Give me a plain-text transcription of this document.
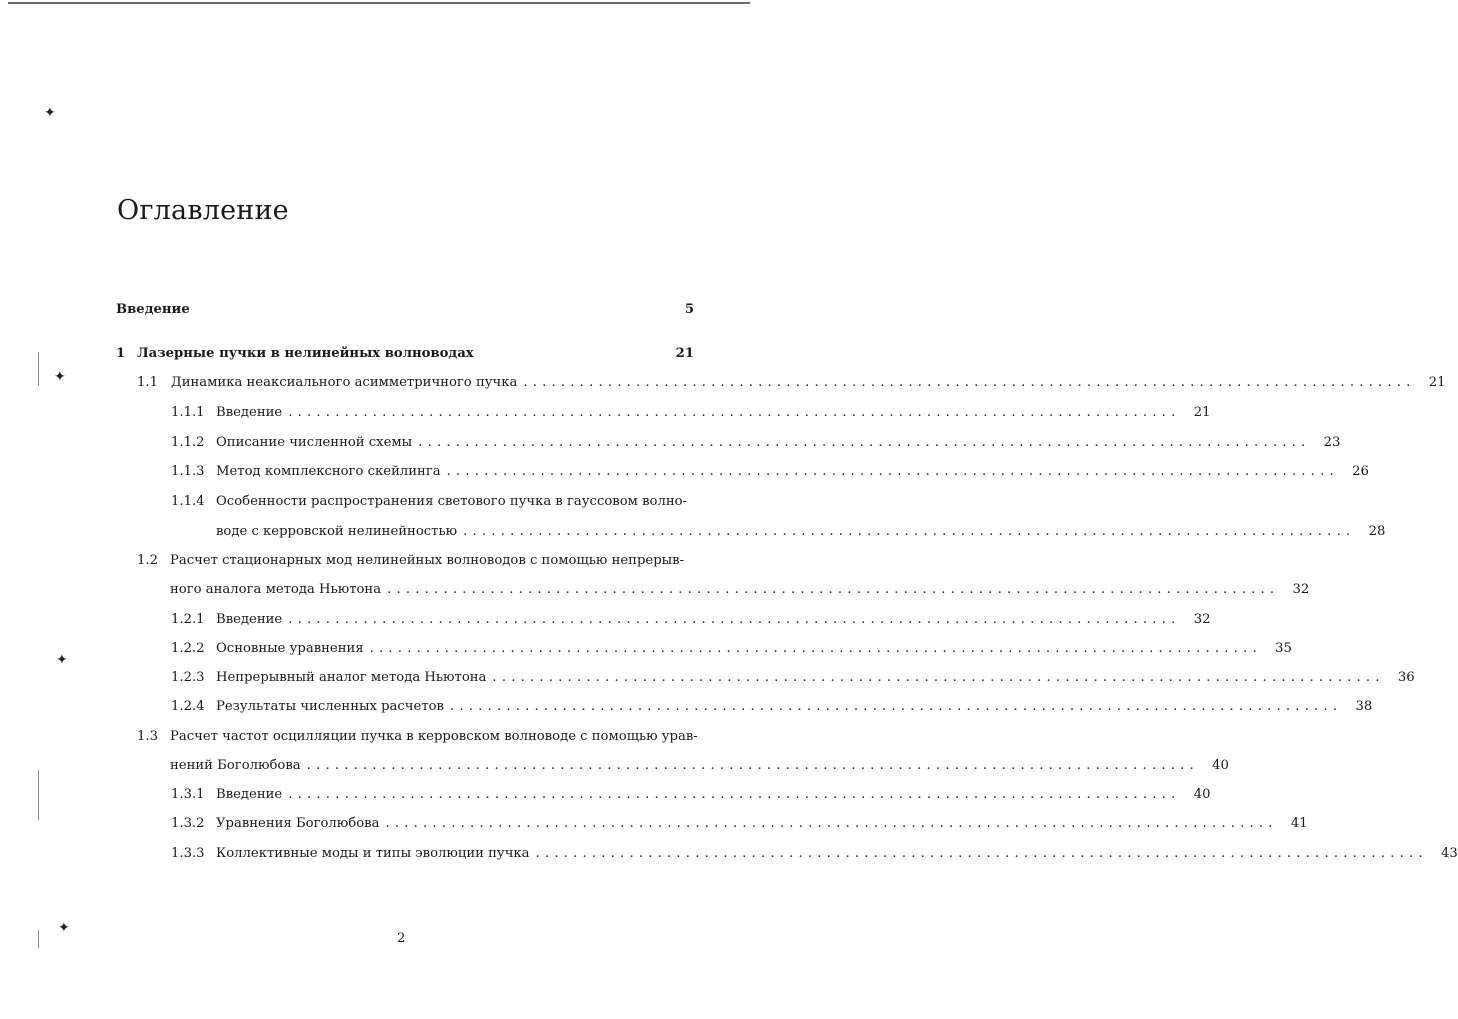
✦
✦
✦
✦
Оглавление
Введение	5
1 Лазерные пучки в нелинейных волноводах	21
1.1 Динамика неаксиального асимметричного пучка ...............................................................................................	21
1.1.1 Введение ...............................................................................................	21
1.1.2 Описание численной схемы ...............................................................................................	23
1.1.3 Метод комплексного скейлинга ...............................................................................................	26
1.1.4 Особенности распространения светового пучка в гауссовом волно-
воде с керровской нелинейностью ...............................................................................................	28
1.2 Расчет стационарных мод нелинейных волноводов с помощью непрерыв-
ного аналога метода Ньютона ...............................................................................................	32
1.2.1 Введение ...............................................................................................	32
1.2.2 Основные уравнения ...............................................................................................	35
1.2.3 Непрерывный аналог метода Ньютона ...............................................................................................	36
1.2.4 Результаты численных расчетов ...............................................................................................	38
1.3 Расчет частот осцилляции пучка в керровском волноводе с помощью урав-
нений Боголюбова ...............................................................................................	40
1.3.1 Введение ...............................................................................................	40
1.3.2 Уравнения Боголюбова ...............................................................................................	41
1.3.3 Коллективные моды и типы эволюции пучка ...............................................................................................	43
2
